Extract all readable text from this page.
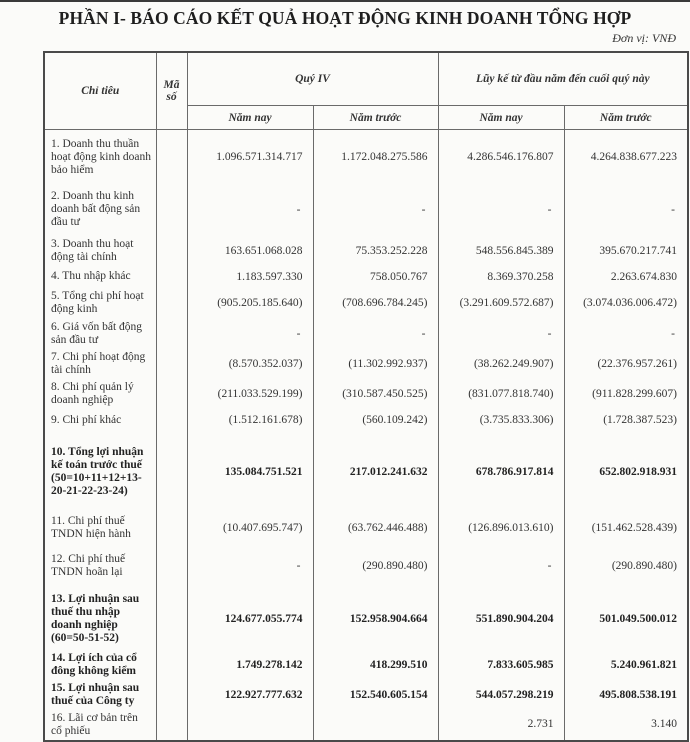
PHẦN I- BÁO CÁO KẾT QUẢ HOẠT ĐỘNG KINH DOANH TỔNG HỢP
Đơn vị: VNĐ
Chỉ tiêu	Mã số	Quý IV		Lũy kế từ đầu năm đến cuối quý này	
		Năm nay	Năm trước	Năm nay	Năm trước
1. Doanh thu thuần hoạt động kinh doanh bảo hiểm		1.096.571.314.717	1.172.048.275.586	4.286.546.176.807	4.264.838.677.223
2. Doanh thu kinh doanh bất động sản đầu tư		-	-	-	-
3. Doanh thu hoạt động tài chính		163.651.068.028	75.353.252.228	548.556.845.389	395.670.217.741
4. Thu nhập khác		1.183.597.330	758.050.767	8.369.370.258	2.263.674.830
5. Tổng chi phí hoạt động kinh		(905.205.185.640)	(708.696.784.245)	(3.291.609.572.687)	(3.074.036.006.472)
6. Giá vốn bất động sản đầu tư		-	-	-	-
7. Chi phí hoạt động tài chính		(8.570.352.037)	(11.302.992.937)	(38.262.249.907)	(22.376.957.261)
8. Chi phí quản lý doanh nghiệp		(211.033.529.199)	(310.587.450.525)	(831.077.818.740)	(911.828.299.607)
9. Chi phí khác		(1.512.161.678)	(560.109.242)	(3.735.833.306)	(1.728.387.523)
10. Tổng lợi nhuận kế toán trước thuế (50=10+11+12+13-20-21-22-23-24)		135.084.751.521	217.012.241.632	678.786.917.814	652.802.918.931
11. Chi phí thuế TNDN hiện hành		(10.407.695.747)	(63.762.446.488)	(126.896.013.610)	(151.462.528.439)
12. Chi phí thuế TNDN hoãn lại		-	(290.890.480)	-	(290.890.480)
13. Lợi nhuận sau thuế thu nhập doanh nghiệp (60=50-51-52)		124.677.055.774	152.958.904.664	551.890.904.204	501.049.500.012
14. Lợi ích của cổ đông không kiểm		1.749.278.142	418.299.510	7.833.605.985	5.240.961.821
15. Lợi nhuận sau thuế của Công ty		122.927.777.632	152.540.605.154	544.057.298.219	495.808.538.191
16. Lãi cơ bản trên cổ phiếu				2.731	3.140
